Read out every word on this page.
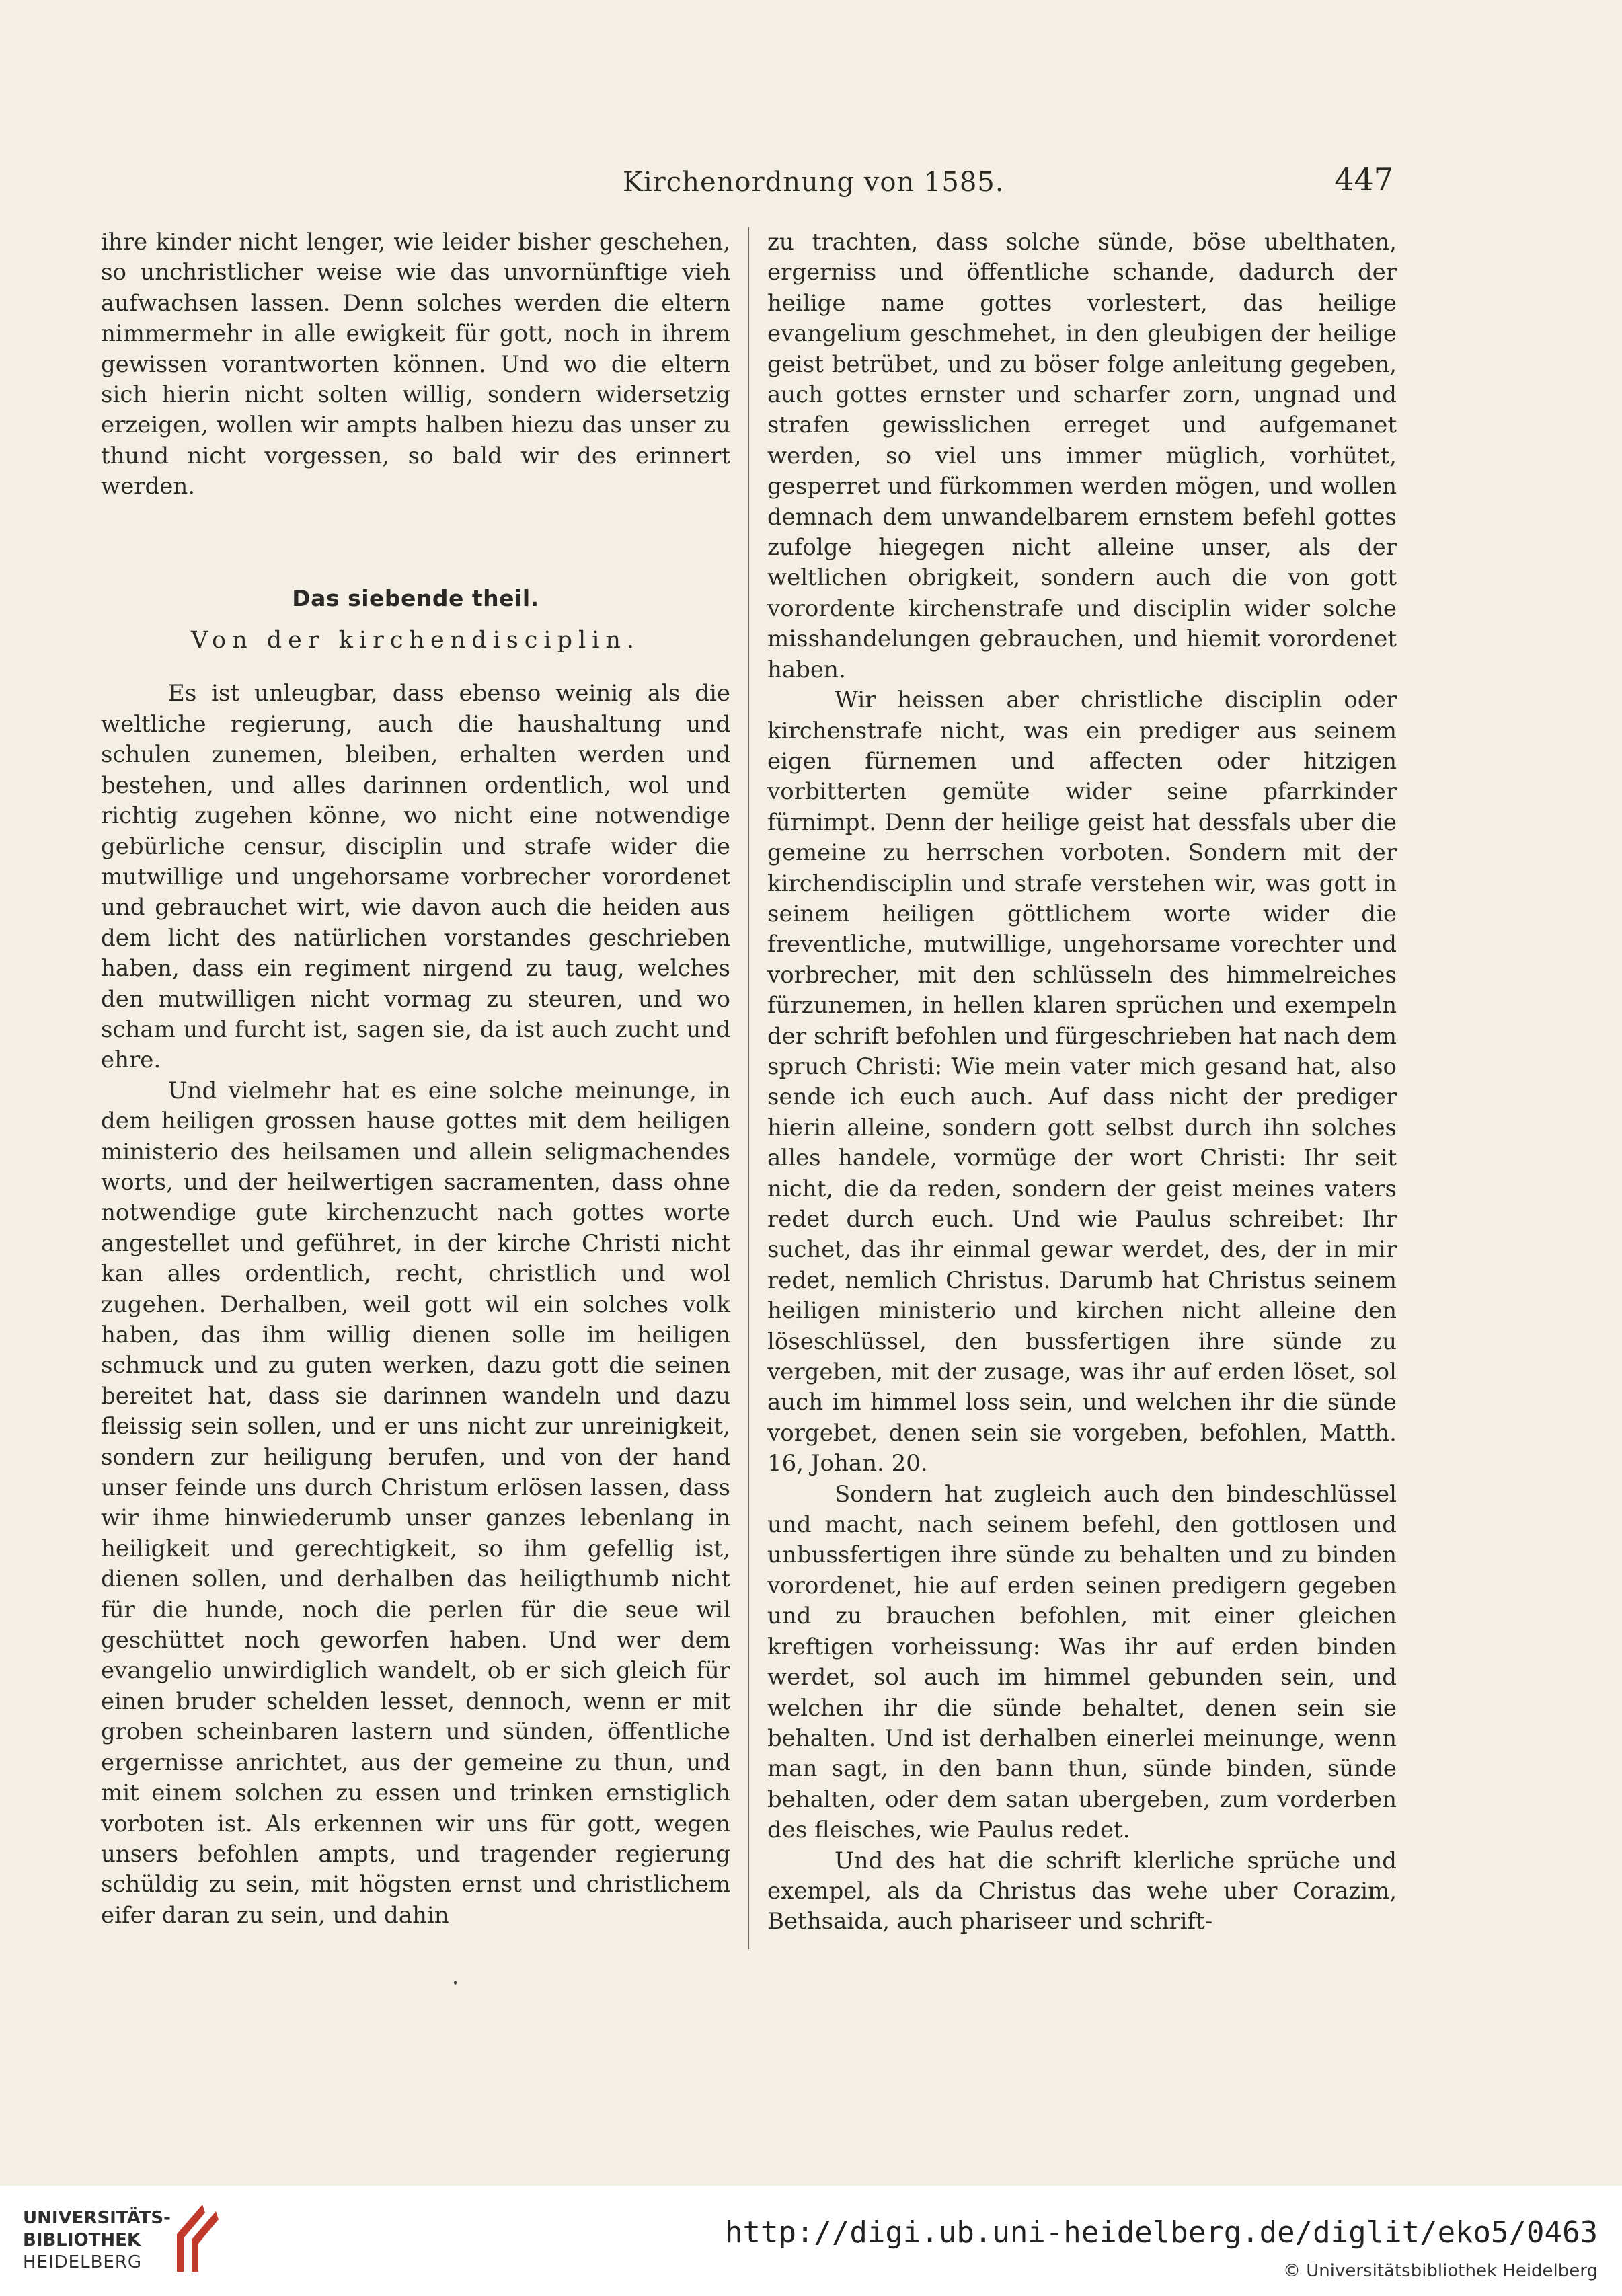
Kirchenordnung von 1585.	447

ihre kinder nicht lenger, wie leider bisher geschehen, so unchristlicher weise wie das unvornünftige vieh aufwachsen lassen. Denn solches werden die eltern nimmermehr in alle ewigkeit für gott, noch in ihrem gewissen vorantworten können. Und wo die eltern sich hierin nicht solten willig, sondern widersetzig erzeigen, wollen wir ampts halben hiezu das unser zu thund nicht vorgessen, so bald wir des erinnert werden.

Das siebende theil.
Von der kirchendisciplin.

Es ist unleugbar, dass ebenso weinig als die weltliche regierung, auch die haushaltung und schulen zunemen, bleiben, erhalten werden und bestehen, und alles darinnen ordentlich, wol und richtig zugehen könne, wo nicht eine notwendige gebürliche censur, disciplin und strafe wider die mutwillige und ungehorsame vorbrecher vorordenet und gebrauchet wirt, wie davon auch die heiden aus dem licht des natürlichen vorstandes geschrieben haben, dass ein regiment nirgend zu taug, welches den mutwilligen nicht vormag zu steuren, und wo scham und furcht ist, sagen sie, da ist auch zucht und ehre.

Und vielmehr hat es eine solche meinunge, in dem heiligen grossen hause gottes mit dem heiligen ministerio des heilsamen und allein seligmachendes worts, und der heilwertigen sacramenten, dass ohne notwendige gute kirchenzucht nach gottes worte angestellet und geführet, in der kirche Christi nicht kan alles ordentlich, recht, christlich und wol zugehen. Derhalben, weil gott wil ein solches volk haben, das ihm willig dienen solle im heiligen schmuck und zu guten werken, dazu gott die seinen bereitet hat, dass sie darinnen wandeln und dazu fleissig sein sollen, und er uns nicht zur unreinigkeit, sondern zur heiligung berufen, und von der hand unser feinde uns durch Christum erlösen lassen, dass wir ihme hinwiederumb unser ganzes lebenlang in heiligkeit und gerechtigkeit, so ihm gefellig ist, dienen sollen, und derhalben das heiligthumb nicht für die hunde, noch die perlen für die seue wil geschüttet noch geworfen haben. Und wer dem evangelio unwirdiglich wandelt, ob er sich gleich für einen bruder schelden lesset, dennoch, wenn er mit groben scheinbaren lastern und sünden, öffentliche ergernisse anrichtet, aus der gemeine zu thun, und mit einem solchen zu essen und trinken ernstiglich vorboten ist. Als erkennen wir uns für gott, wegen unsers befohlen ampts, und tragender regierung schüldig zu sein, mit högsten ernst und christlichem eifer daran zu sein, und dahin

zu trachten, dass solche sünde, böse ubelthaten, ergerniss und öffentliche schande, dadurch der heilige name gottes vorlestert, das heilige evangelium geschmehet, in den gleubigen der heilige geist betrübet, und zu böser folge anleitung gegeben, auch gottes ernster und scharfer zorn, ungnad und strafen gewisslichen erreget und aufgemanet werden, so viel uns immer müglich, vorhütet, gesperret und fürkommen werden mögen, und wollen demnach dem unwandelbarem ernstem befehl gottes zufolge hiegegen nicht alleine unser, als der weltlichen obrigkeit, sondern auch die von gott vorordente kirchenstrafe und disciplin wider solche misshandelungen gebrauchen, und hiemit vorordenet haben.

Wir heissen aber christliche disciplin oder kirchenstrafe nicht, was ein prediger aus seinem eigen fürnemen und affecten oder hitzigen vorbitterten gemüte wider seine pfarrkinder fürnimpt. Denn der heilige geist hat dessfals uber die gemeine zu herrschen vorboten. Sondern mit der kirchendisciplin und strafe verstehen wir, was gott in seinem heiligen göttlichem worte wider die freventliche, mutwillige, ungehorsame vorechter und vorbrecher, mit den schlüsseln des himmelreiches fürzunemen, in hellen klaren sprüchen und exempeln der schrift befohlen und fürgeschrieben hat nach dem spruch Christi: Wie mein vater mich gesand hat, also sende ich euch auch. Auf dass nicht der prediger hierin alleine, sondern gott selbst durch ihn solches alles handele, vormüge der wort Christi: Ihr seit nicht, die da reden, sondern der geist meines vaters redet durch euch. Und wie Paulus schreibet: Ihr suchet, das ihr einmal gewar werdet, des, der in mir redet, nemlich Christus. Darumb hat Christus seinem heiligen ministerio und kirchen nicht alleine den löseschlüssel, den bussfertigen ihre sünde zu vergeben, mit der zusage, was ihr auf erden löset, sol auch im himmel loss sein, und welchen ihr die sünde vorgebet, denen sein sie vorgeben, befohlen, Matth. 16, Johan. 20.

Sondern hat zugleich auch den bindeschlüssel und macht, nach seinem befehl, den gottlosen und unbussfertigen ihre sünde zu behalten und zu binden vorordenet, hie auf erden seinen predigern gegeben und zu brauchen befohlen, mit einer gleichen kreftigen vorheissung: Was ihr auf erden binden werdet, sol auch im himmel gebunden sein, und welchen ihr die sünde behaltet, denen sein sie behalten. Und ist derhalben einerlei meinunge, wenn man sagt, in den bann thun, sünde binden, sünde behalten, oder dem satan ubergeben, zum vorderben des fleisches, wie Paulus redet.

Und des hat die schrift klerliche sprüche und exempel, als da Christus das wehe uber Corazim, Bethsaida, auch phariseer und schrift-

UNIVERSITÄTS-
BIBLIOTHEK
HEIDELBERG
http://digi.ub.uni-heidelberg.de/diglit/eko5/0463
© Universitätsbibliothek Heidelberg
